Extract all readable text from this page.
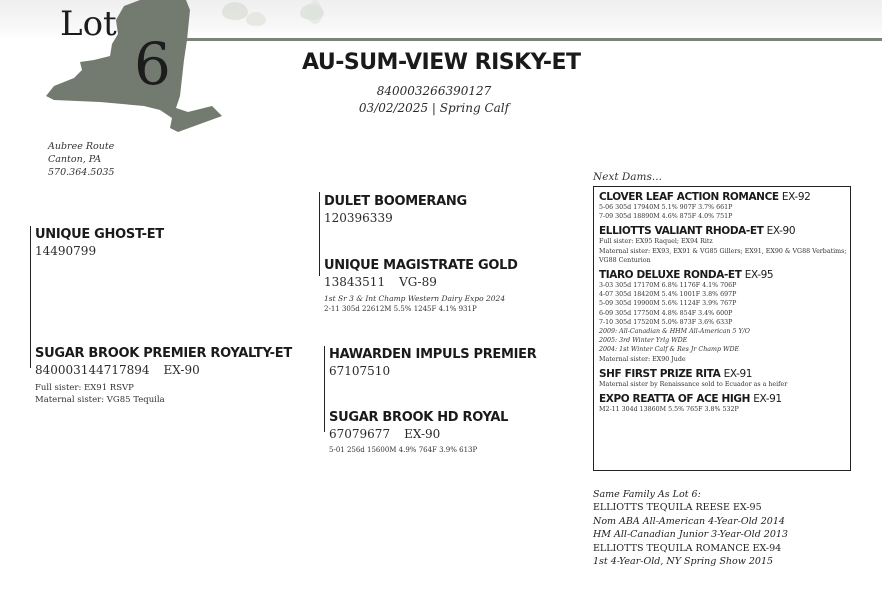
Lot
6	AU-SUM-VIEW RISKY-ET
840003266390127
03/02/2025 | Spring Calf
Aubree Route
Canton, PA
570.364.5035
UNIQUE GHOST-ET
14490799
DULET BOOMERANG
120396339
UNIQUE MAGISTRATE GOLD
13843511 VG-89
1st Sr 3 & Int Champ Western Dairy Expo 2024
2-11 305d 22612M 5.5% 1245F 4.1% 931P
SUGAR BROOK PREMIER ROYALTY-ET
840003144717894 EX-90
Full sister: EX91 RSVP
Maternal sister: VG85 Tequila
HAWARDEN IMPULS PREMIER
67107510
SUGAR BROOK HD ROYAL
67079677 EX-90
5-01 256d 15600M 4.9% 764F 3.9% 613P
Next Dams...
CLOVER LEAF ACTION ROMANCE EX-92
5-06 305d 17940M 5.1% 907F 3.7% 661P
7-09 305d 18890M 4.6% 875F 4.0% 751P
ELLIOTTS VALIANT RHODA-ET EX-90
Full sister: EX95 Raquel; EX94 Ritz
Maternal sister: EX93, EX91 & VG85 Gillers; EX91, EX90 & VG88 Verbatims;
VG88 Centurion
TIARO DELUXE RONDA-ET EX-95
3-03 305d 17170M 6.8% 1176F 4.1% 706P
4-07 305d 18420M 5.4% 1001F 3.8% 697P
5-09 305d 19900M 5.6% 1124F 3.9% 767P
6-09 305d 17750M 4.8% 854F 3.4% 600P
7-10 305d 17520M 5.0% 873F 3.6% 633P
2009: All-Canadian & HHM All-American 5 Y/O
2005: 3rd Winter Yrlg WDE
2004: 1st Winter Calf & Res Jr Champ WDE
Maternal sister: EX90 Jude
SHF FIRST PRIZE RITA EX-91
Maternal sister by Renaissance sold to Ecuador as a heifer
EXPO REATTA OF ACE HIGH EX-91
M2-11 304d 13860M 5.5% 765F 3.8% 532P
Same Family As Lot 6:
ELLIOTTS TEQUILA REESE EX-95
Nom ABA All-American 4-Year-Old 2014
HM All-Canadian Junior 3-Year-Old 2013
ELLIOTTS TEQUILA ROMANCE EX-94
1st 4-Year-Old, NY Spring Show 2015
